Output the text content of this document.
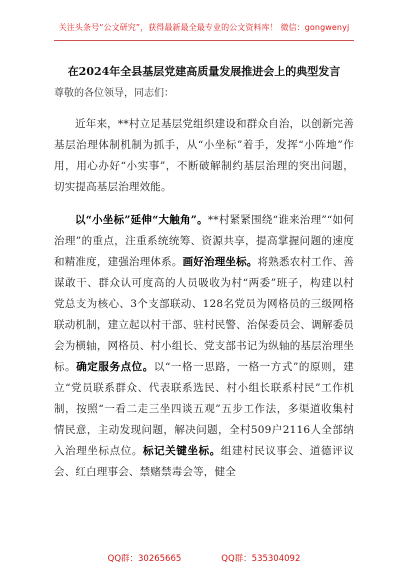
关注头条号“公文研究”，获得最新最全最专业的公文资料库！ 微信：gongwenyj
在2024年全县基层党建高质量发展推进会上的典型发言
尊敬的各位领导，同志们：

近年来，**村立足基层党组织建设和群众自治，以创新完善基层治理体制机制为抓手，从“小坐标”着手，发挥“小阵地”作用，用心办好“小实事”，不断破解制约基层治理的突出问题，切实提高基层治理效能。

以“小坐标”延伸“大触角”。**村紧紧围绕“谁来治理”“如何治理”的重点，注重系统统筹、资源共享，提高掌握问题的速度和精准度，建强治理体系。画好治理坐标。将熟悉农村工作、善谋敢干、群众认可度高的人员吸收为村“两委”班子，构建以村党总支为核心、3个支部联动、128名党员为网格员的三级网格联动机制，建立起以村干部、驻村民警、治保委员会、调解委员会为横轴，网格员、村小组长、党支部书记为纵轴的基层治理坐标。确定服务点位。以“一格一思路，一格一方式”的原则，建立“党员联系群众、代表联系选民、村小组长联系村民”工作机制，按照“一看二走三坐四谈五观”五步工作法，多渠道收集村情民意，主动发现问题，解决问题，全村509户2116人全部纳入治理坐标点位。标记关键坐标。组建村民议事会、道德评议会、红白理事会、禁赌禁毒会等，健全

QQ群：30265665	QQ群：535304092
